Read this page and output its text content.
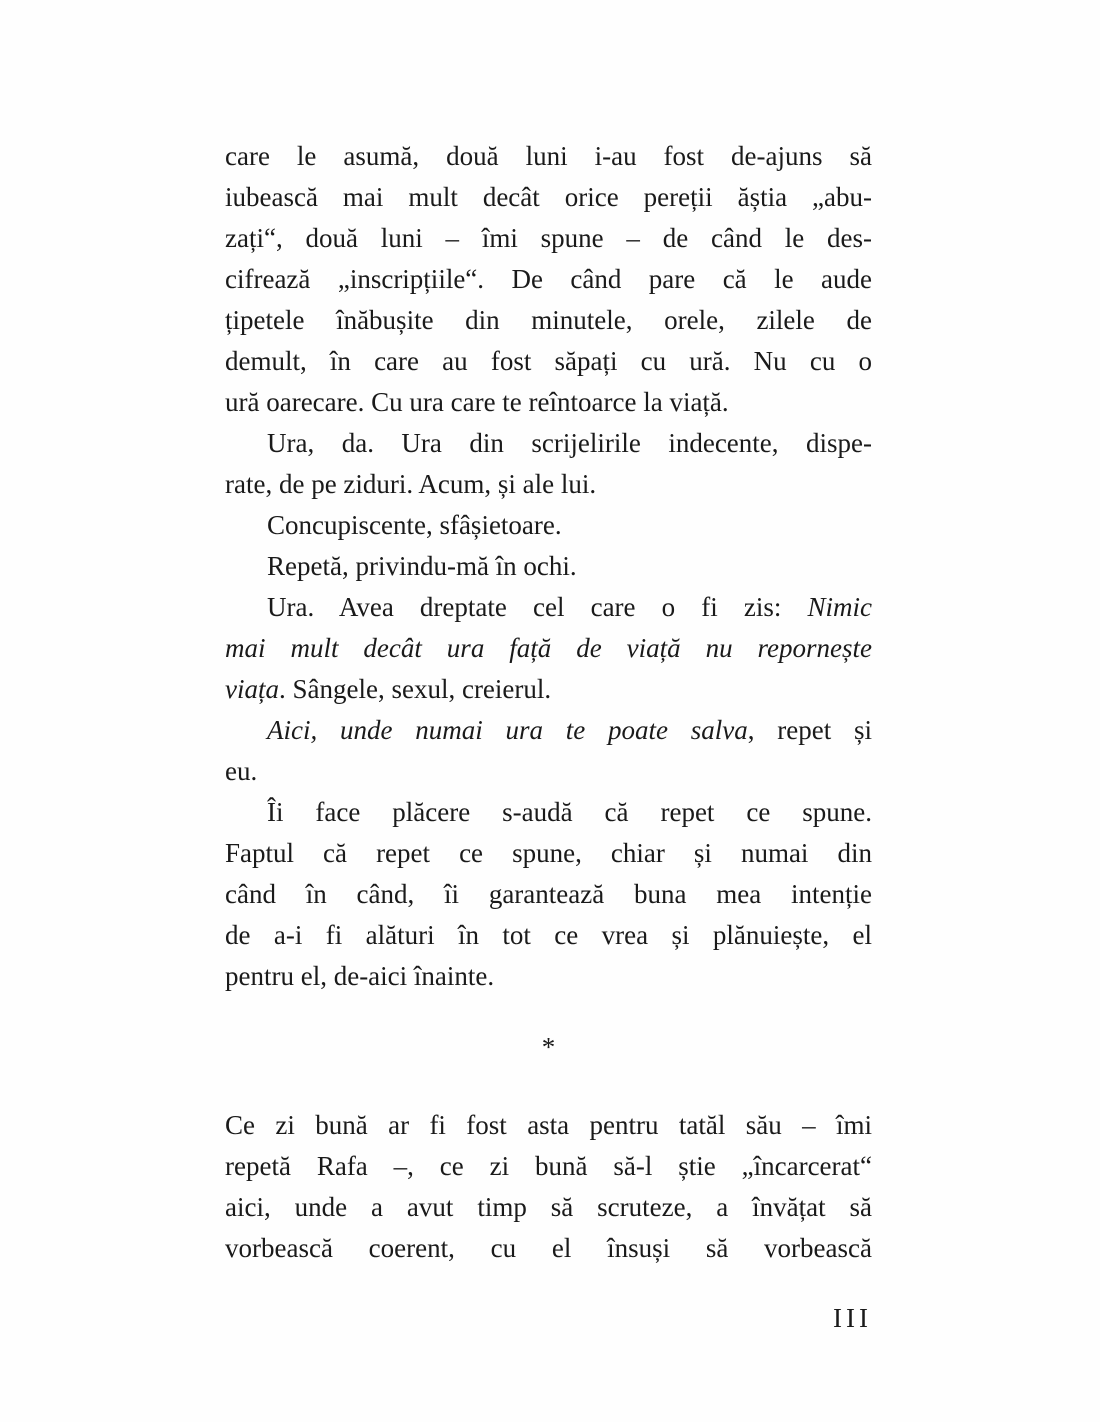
care le asumă, două luni i-au fost de-ajuns să
iubească mai mult decât orice pereții ăștia „abu-
zați“, două luni – îmi spune – de când le des-
cifrează „inscripțiile“. De când pare că le aude
țipetele înăbușite din minutele, orele, zilele de
demult, în care au fost săpați cu ură. Nu cu o
ură oarecare. Cu ura care te reîntoarce la viață.
Ura, da. Ura din scrijelirile indecente, dispe-
rate, de pe ziduri. Acum, și ale lui.
Concupiscente, sfâșietoare.
Repetă, privindu-mă în ochi.
Ura. Avea dreptate cel care o fi zis: Nimic
mai mult decât ura față de viață nu repornește
viața. Sângele, sexul, creierul.
Aici, unde numai ura te poate salva, repet și
eu.
Îi face plăcere s-audă că repet ce spune.
Faptul că repet ce spune, chiar și numai din
când în când, îi garantează buna mea intenție
de a-i fi alături în tot ce vrea și plănuiește, el
pentru el, de-aici înainte.
*
Ce zi bună ar fi fost asta pentru tatăl său – îmi
repetă Rafa –, ce zi bună să-l știe „încarcerat“
aici, unde a avut timp să scruteze, a învățat să
vorbească coerent, cu el însuși să vorbească
III
